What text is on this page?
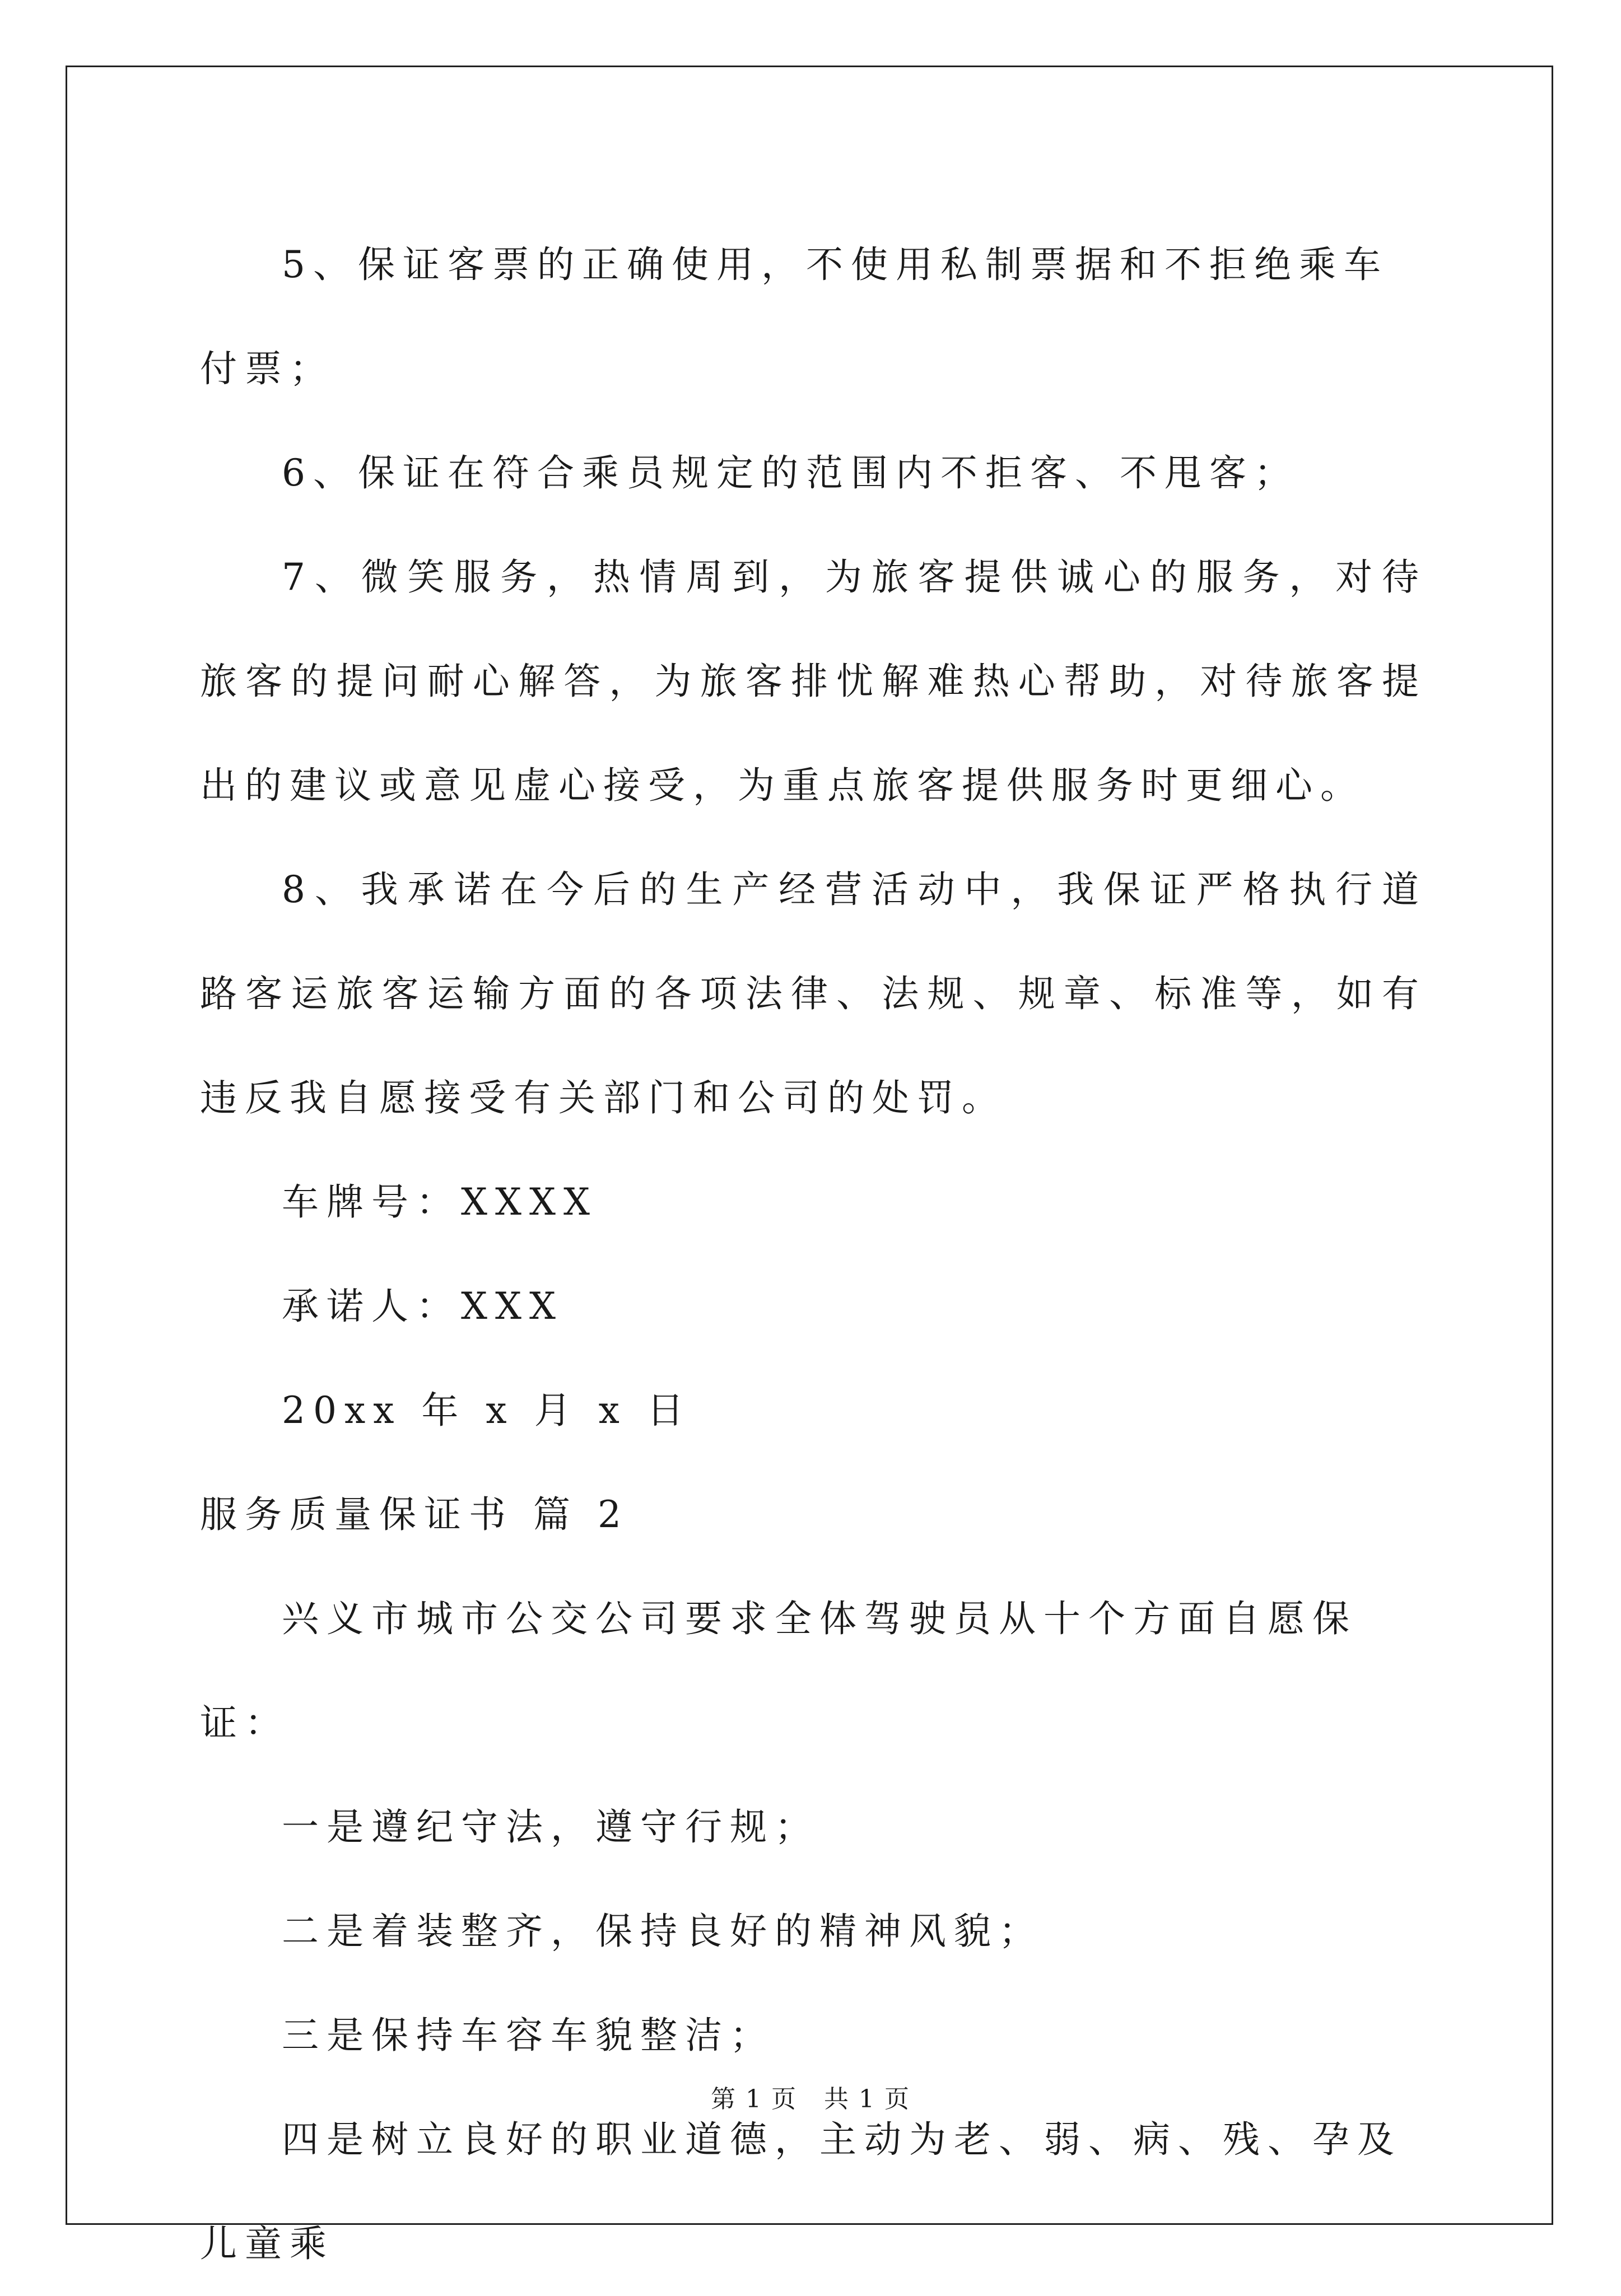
5、保证客票的正确使用，不使用私制票据和不拒绝乘车付票；

6、保证在符合乘员规定的范围内不拒客、不甩客；

7、微笑服务，热情周到，为旅客提供诚心的服务，对待旅客的提问耐心解答，为旅客排忧解难热心帮助，对待旅客提出的建议或意见虚心接受，为重点旅客提供服务时更细心。

8、我承诺在今后的生产经营活动中，我保证严格执行道路客运旅客运输方面的各项法律、法规、规章、标准等，如有违反我自愿接受有关部门和公司的处罚。

车牌号：XXXX

承诺人：XXX

20xx 年 x 月 x 日

服务质量保证书 篇 2

兴义市城市公交公司要求全体驾驶员从十个方面自愿保证：

一是遵纪守法，遵守行规；

二是着装整齐，保持良好的精神风貌；

三是保持车容车貌整洁；

四是树立良好的职业道德，主动为老、弱、病、残、孕及儿童乘

第 1 页 共 1 页
